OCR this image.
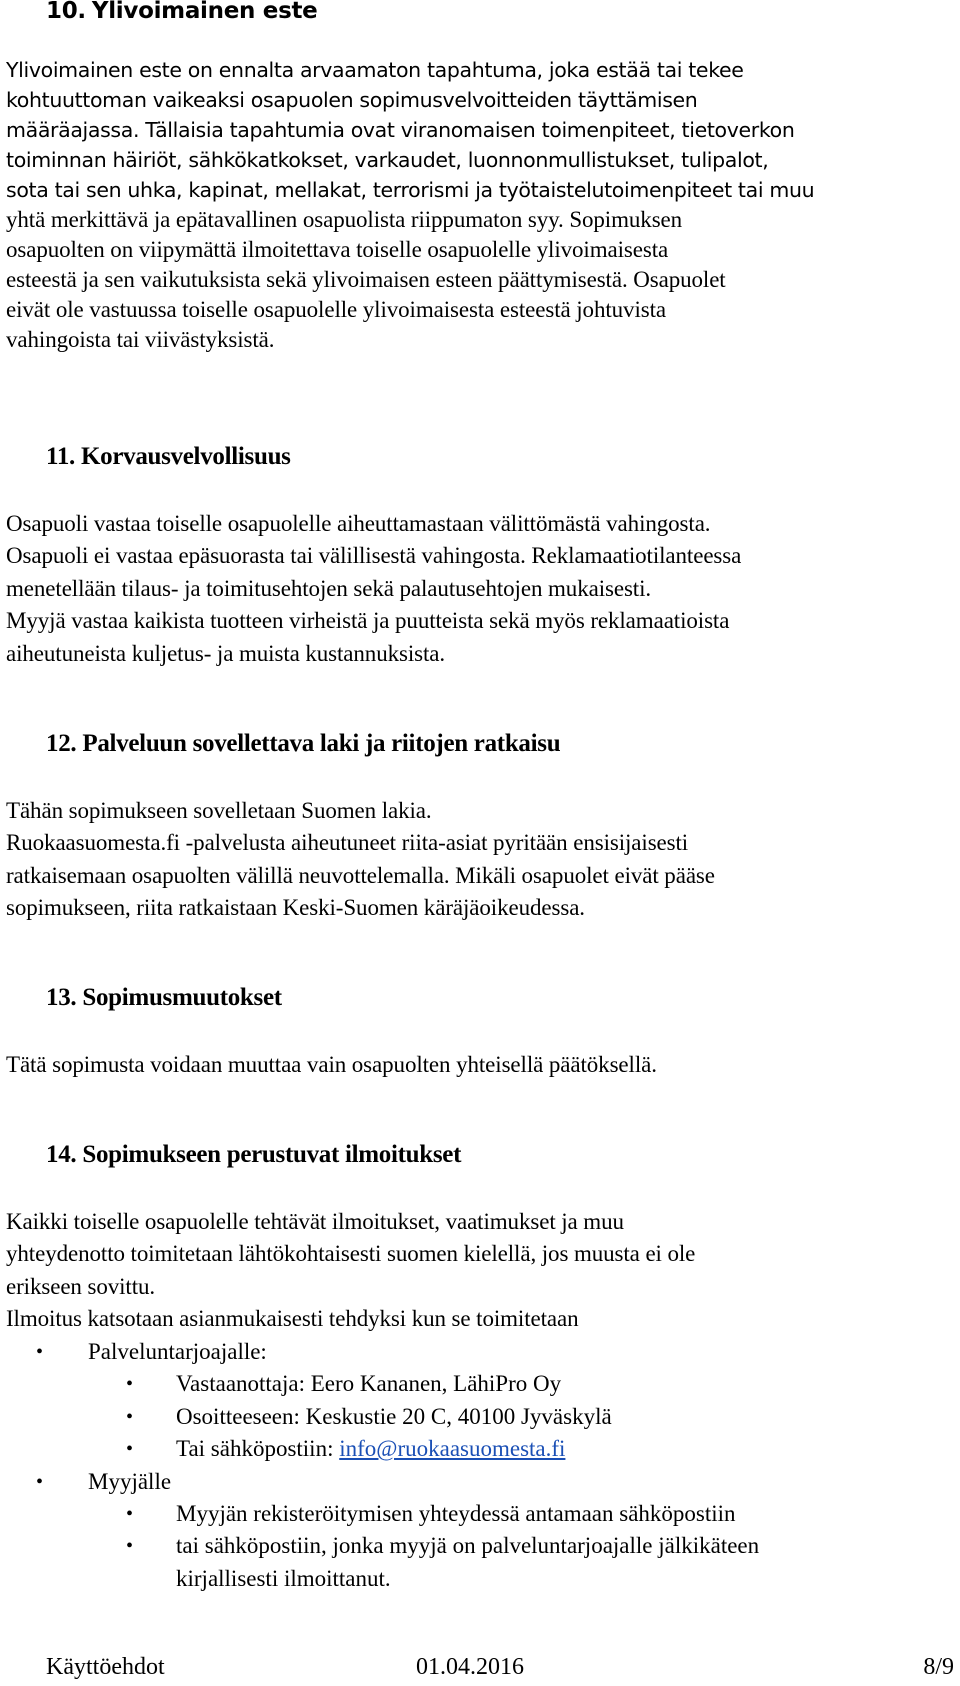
10. Ylivoimainen este

Ylivoimainen este on ennalta arvaamaton tapahtuma, joka estää tai tekee
kohtuuttoman vaikeaksi osapuolen sopimusvelvoitteiden täyttämisen
määräajassa. Tällaisia tapahtumia ovat viranomaisen toimenpiteet, tietoverkon
toiminnan häiriöt, sähkökatkokset, varkaudet, luonnonmullistukset, tulipalot,
sota tai sen uhka, kapinat, mellakat, terrorismi ja työtaistelutoimenpiteet tai muu
yhtä merkittävä ja epätavallinen osapuolista riippumaton syy. Sopimuksen
osapuolten on viipymättä ilmoitettava toiselle osapuolelle ylivoimaisesta
esteestä ja sen vaikutuksista sekä ylivoimaisen esteen päättymisestä. Osapuolet
eivät ole vastuussa toiselle osapuolelle ylivoimaisesta esteestä johtuvista
vahingoista tai viivästyksistä.

11. Korvausvelvollisuus

Osapuoli vastaa toiselle osapuolelle aiheuttamastaan välittömästä vahingosta.
Osapuoli ei vastaa epäsuorasta tai välillisestä vahingosta. Reklamaatiotilanteessa
menetellään tilaus- ja toimitusehtojen sekä palautusehtojen mukaisesti.
Myyjä vastaa kaikista tuotteen virheistä ja puutteista sekä myös reklamaatioista
aiheutuneista kuljetus- ja muista kustannuksista.

12. Palveluun sovellettava laki ja riitojen ratkaisu

Tähän sopimukseen sovelletaan Suomen lakia.
Ruokaasuomesta.fi -palvelusta aiheutuneet riita-asiat pyritään ensisijaisesti
ratkaisemaan osapuolten välillä neuvottelemalla. Mikäli osapuolet eivät pääse
sopimukseen, riita ratkaistaan Keski-Suomen käräjäoikeudessa.

13. Sopimusmuutokset

Tätä sopimusta voidaan muuttaa vain osapuolten yhteisellä päätöksellä.

14. Sopimukseen perustuvat ilmoitukset

Kaikki toiselle osapuolelle tehtävät ilmoitukset, vaatimukset ja muu
yhteydenotto toimitetaan lähtökohtaisesti suomen kielellä, jos muusta ei ole
erikseen sovittu.
Ilmoitus katsotaan asianmukaisesti tehdyksi kun se toimitetaan

• Palveluntarjoajalle:
• Vastaanottaja: Eero Kananen, LähiPro Oy
• Osoitteeseen: Keskustie 20 C, 40100 Jyväskylä
• Tai sähköpostiin: info@ruokaasuomesta.fi
• Myyjälle
• Myyjän rekisteröitymisen yhteydessä antamaan sähköpostiin
• tai sähköpostiin, jonka myyjä on palveluntarjoajalle jälkikäteen
kirjallisesti ilmoittanut.
Käyttöehdot	01.04.2016	8/9
